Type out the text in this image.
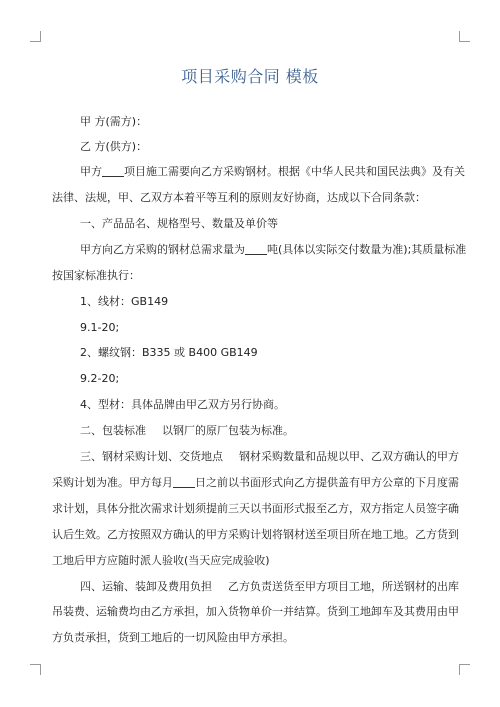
项目采购合同 模板
甲 方(需方)：
乙 方(供方)：
甲方 项目施工需要向乙方采购钢材。根据《中华人民共和国民法典》及有关
法律、法规，甲、乙双方本着平等互利的原则友好协商，达成以下合同条款：
一、产品品名、规格型号、数量及单价等
甲方向乙方采购的钢材总需求量为 吨(具体以实际交付数量为准);其质量标准
按国家标准执行：
1、线材：GB149
9.1-20;
2、螺纹钢：B335 或 B400 GB149
9.2-20;
4、型材：具体品牌由甲乙双方另行协商。
二、包装标准 以钢厂的原厂包装为标准。
三、钢材采购计划、交货地点 钢材采购数量和品规以甲、乙双方确认的甲方
采购计划为准。甲方每月 日之前以书面形式向乙方提供盖有甲方公章的下月度需
求计划，具体分批次需求计划须提前三天以书面形式报至乙方，双方指定人员签字确
认后生效。乙方按照双方确认的甲方采购计划将钢材送至项目所在地工地。乙方货到
工地后甲方应随时派人验收(当天应完成验收)
四、运输、装卸及费用负担 乙方负责送货至甲方项目工地，所送钢材的出库
吊装费、运输费均由乙方承担，加入货物单价一并结算。货到工地卸车及其费用由甲
方负责承担，货到工地后的一切风险由甲方承担。
